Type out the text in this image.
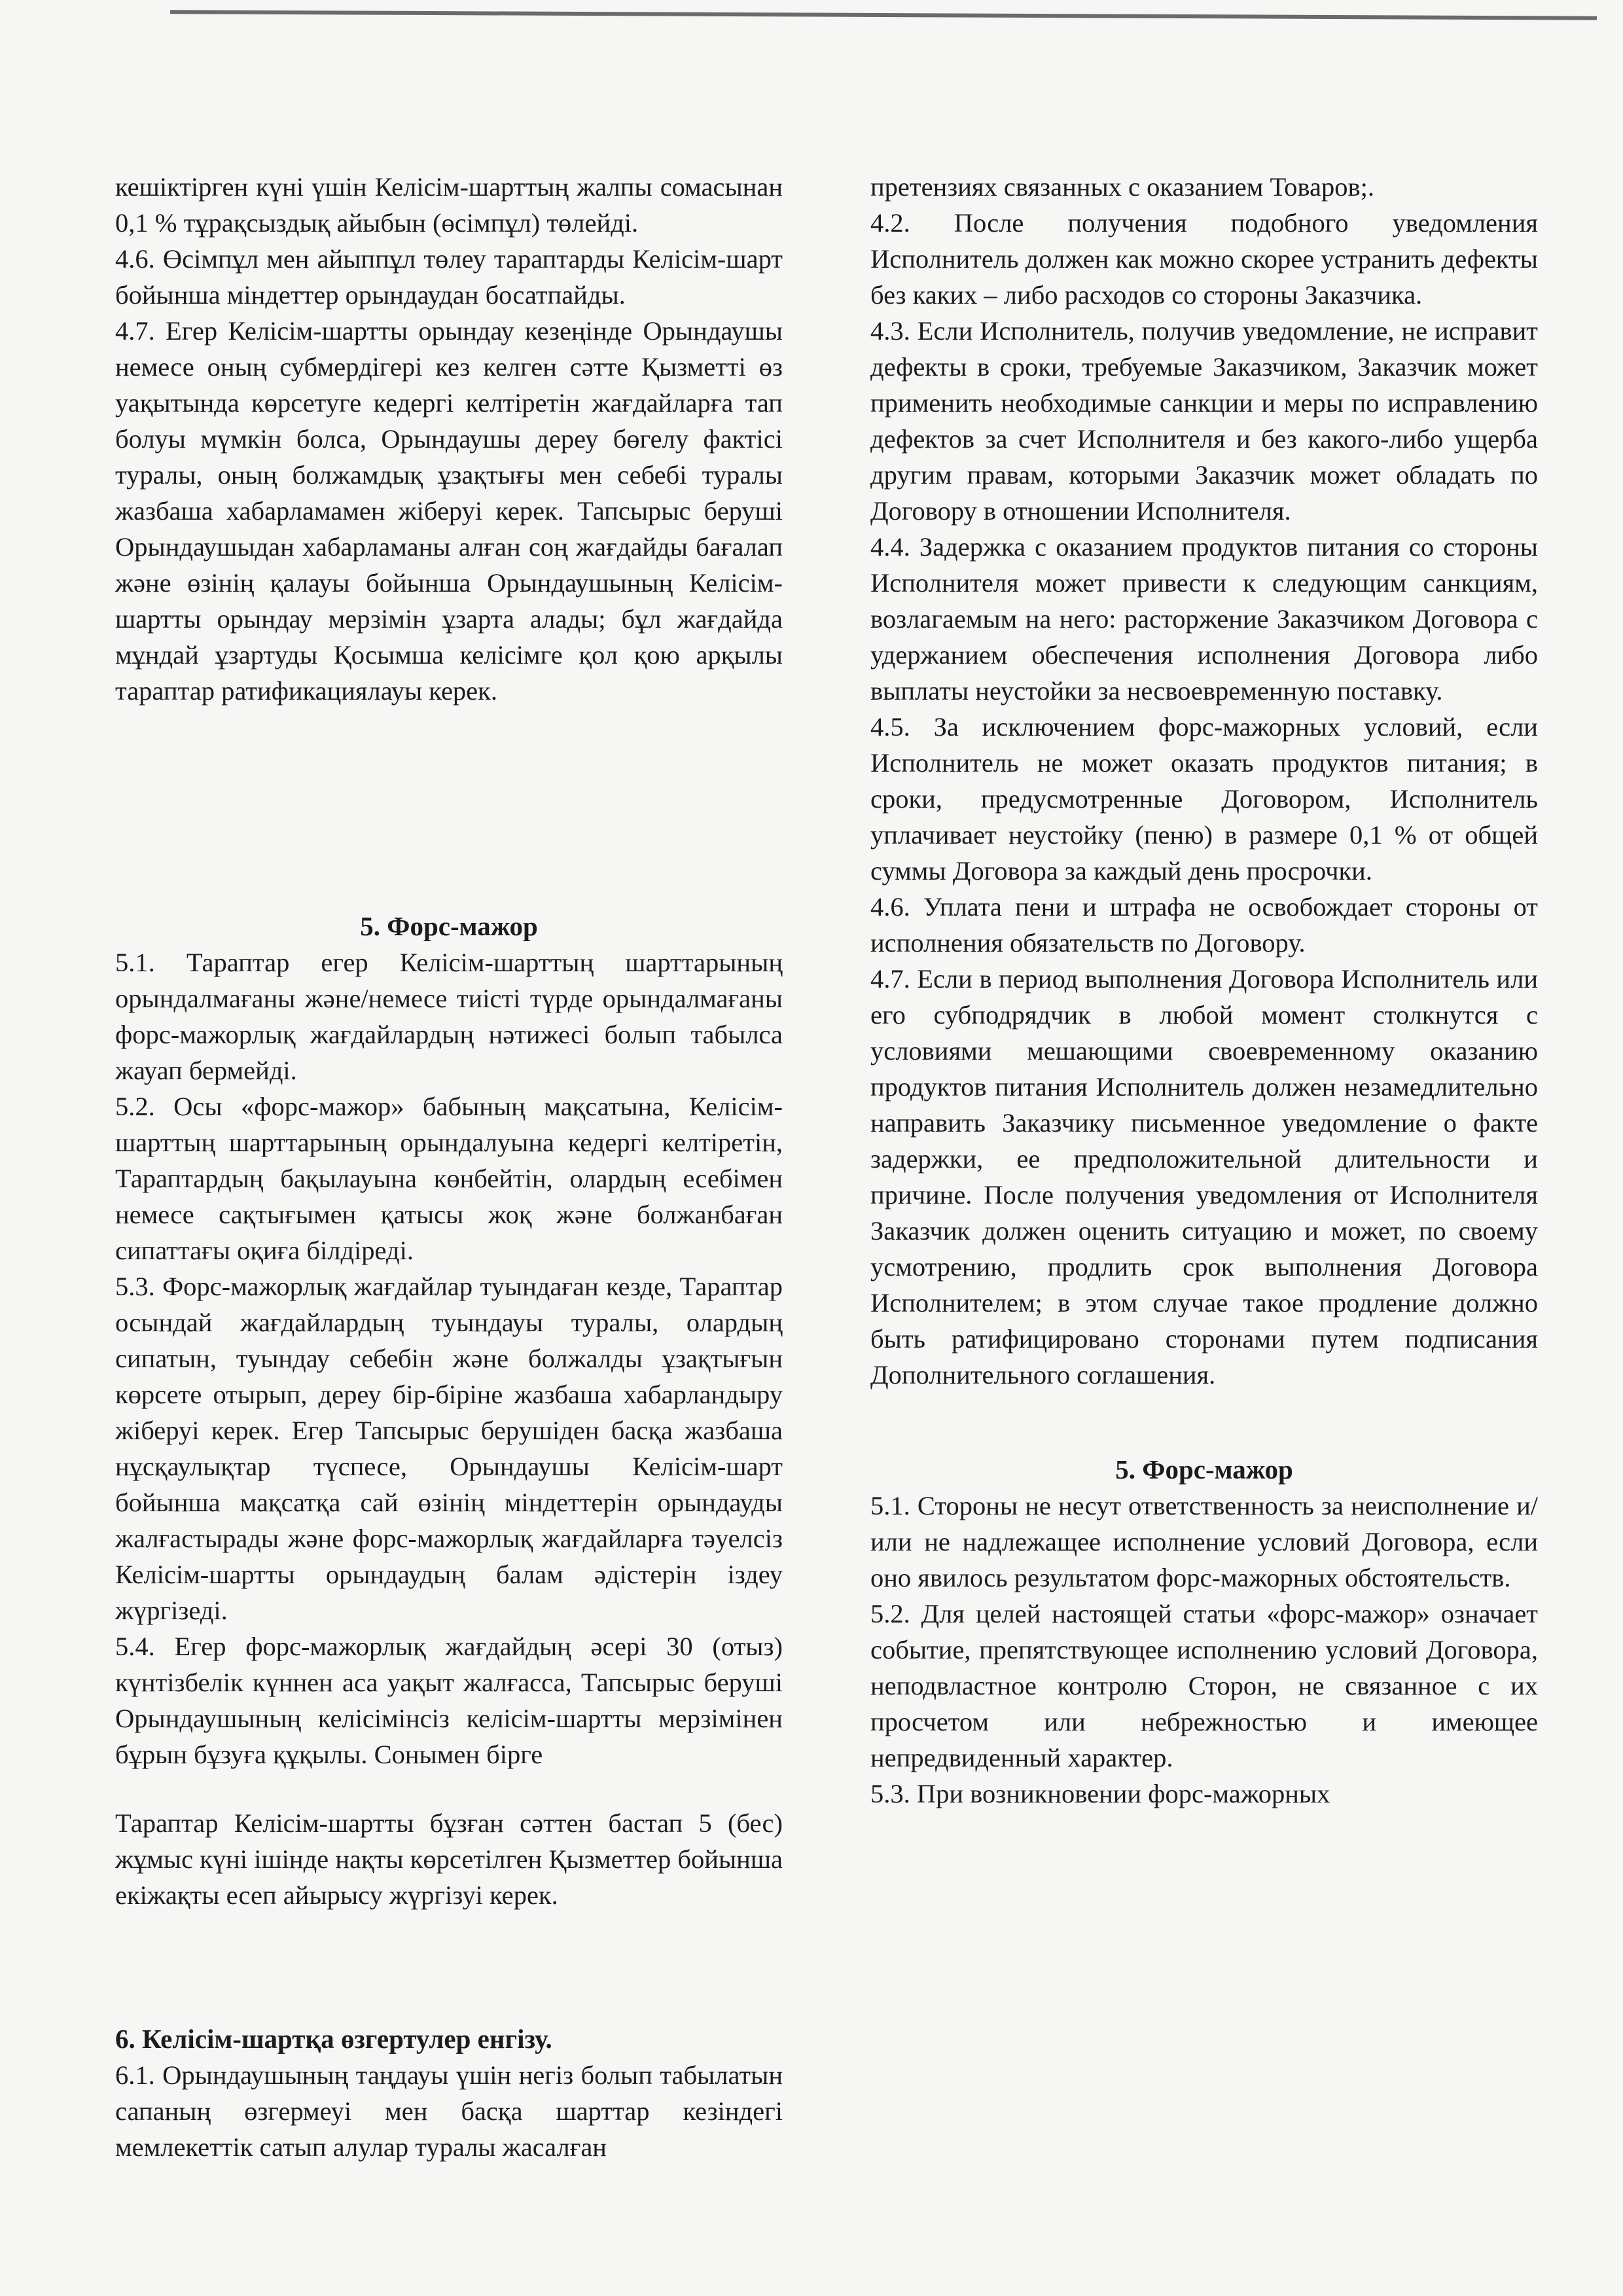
кешіктірген күні үшін Келісім-шарттың жалпы сомасынан 0,1 % тұрақсыздық айыбын (өсімпұл) төлейді.

4.6. Өсімпұл мен айыппұл төлеу тараптарды Келісім-шарт бойынша міндеттер орындаудан босатпайды.

4.7. Егер Келісім-шартты орындау кезеңінде Орындаушы немесе оның субмердігері кез келген сәтте Қызметті өз уақытында көрсетуге кедергі келтіретін жағдайларға тап болуы мүмкін болса, Орындаушы дереу бөгелу фактісі туралы, оның болжамдық ұзақтығы мен себебі туралы жазбаша хабарламамен жіберуі керек. Тапсырыс беруші Орындаушыдан хабарламаны алған соң жағдайды бағалап және өзінің қалауы бойынша Орындаушының Келісім-шартты орындау мерзімін ұзарта алады; бұл жағдайда мұндай ұзартуды Қосымша келісімге қол қою арқылы тараптар ратификациялауы керек.

5. Форс-мажор

5.1. Тараптар егер Келісім-шарттың шарттарының орындалмағаны және/немесе тиісті түрде орындалмағаны форс-мажорлық жағдайлардың нәтижесі болып табылса жауап бермейді.

5.2. Осы «форс-мажор» бабының мақсатына, Келісім-шарттың шарттарының орындалуына кедергі келтіретін, Тараптардың бақылауына көнбейтін, олардың есебімен немесе сақтығымен қатысы жоқ және болжанбаған сипаттағы оқиға білдіреді.

5.3. Форс-мажорлық жағдайлар туындаған кезде, Тараптар осындай жағдайлардың туындауы туралы, олардың сипатын, туындау себебін және болжалды ұзақтығын көрсете отырып, дереу бір-біріне жазбаша хабарландыру жіберуі керек. Егер Тапсырыс берушіден басқа жазбаша нұсқаулықтар түспесе, Орындаушы Келісім-шарт бойынша мақсатқа сай өзінің міндеттерін орындауды жалғастырады және форс-мажорлық жағдайларға тәуелсіз Келісім-шартты орындаудың балам әдістерін іздеу жүргізеді.

5.4. Егер форс-мажорлық жағдайдың әсері 30 (отыз) күнтізбелік күннен аса уақыт жалғасса, Тапсырыс беруші Орындаушының келісімінсіз келісім-шартты мерзімінен бұрын бұзуға құқылы. Сонымен бірге

Тараптар Келісім-шартты бұзған сәттен бастап 5 (бес) жұмыс күні ішінде нақты көрсетілген Қызметтер бойынша екіжақты есеп айырысу жүргізуі керек.

6. Келісім-шартқа өзгертулер енгізу.

6.1. Орындаушының таңдауы үшін негіз болып табылатын сапаның өзгермеуі мен басқа шарттар кезіндегі мемлекеттік сатып алулар туралы жасалған

претензиях связанных с оказанием Товаров;.

4.2. После получения подобного уведомления Исполнитель должен как можно скорее устранить дефекты без каких – либо расходов со стороны Заказчика.

4.3. Если Исполнитель, получив уведомление, не исправит дефекты в сроки, требуемые Заказчиком, Заказчик может применить необходимые санкции и меры по исправлению дефектов за счет Исполнителя и без какого-либо ущерба другим правам, которыми Заказчик может обладать по Договору в отношении Исполнителя.

4.4. Задержка с оказанием продуктов питания со стороны Исполнителя может привести к следующим санкциям, возлагаемым на него: расторжение Заказчиком Договора с удержанием обеспечения исполнения Договора либо выплаты неустойки за несвоевременную поставку.

4.5. За исключением форс-мажорных условий, если Исполнитель не может оказать продуктов питания; в сроки, предусмотренные Договором, Исполнитель уплачивает неустойку (пеню) в размере 0,1 % от общей суммы Договора за каждый день просрочки.

4.6. Уплата пени и штрафа не освобождает стороны от исполнения обязательств по Договору.

4.7. Если в период выполнения Договора Исполнитель или его субподрядчик в любой момент столкнутся с условиями мешающими своевременному оказанию продуктов питания Исполнитель должен незамедлительно направить Заказчику письменное уведомление о факте задержки, ее предположительной длительности и причине. После получения уведомления от Исполнителя Заказчик должен оценить ситуацию и может, по своему усмотрению, продлить срок выполнения Договора Исполнителем; в этом случае такое продление должно быть ратифицировано сторонами путем подписания Дополнительного соглашения.

5. Форс-мажор

5.1. Стороны не несут ответственность за неисполнение и/или не надлежащее исполнение условий Договора, если оно явилось результатом форс-мажорных обстоятельств.

5.2. Для целей настоящей статьи «форс-мажор» означает событие, препятствующее исполнению условий Договора, неподвластное контролю Сторон, не связанное с их просчетом или небрежностью и имеющее непредвиденный характер.

5.3. При возникновении форс-мажорных
